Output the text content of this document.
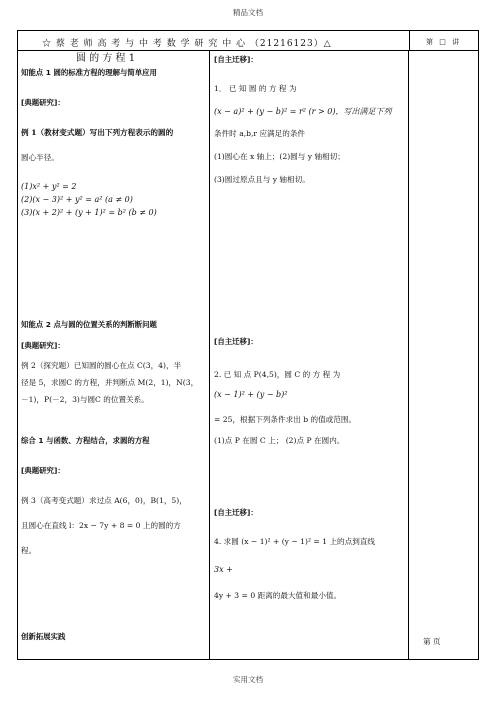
精品文档
☆ 蔡 老 师 高 考 与 中 考 数 学 研 究 中 心 （21216123）△	第 □ 讲
圆 的 方 程 1
知能点 1 圆的标准方程的理解与简单应用
[典题研究]：
例 1（教材变式题）写出下列方程表示的圆的
圆心半径。
(1)x² + y² = 2
(2)(x − 3)² + y² = a² (a ≠ 0)
(3)(x + 2)² + (y + 1)² = b² (b ≠ 0)
知能点 2 点与圆的位置关系的判断断问题
[典题研究]：
例 2（探究题）已知圆的圆心在点 C(3，4)，半
径是 5，求圆C 的方程，并判断点 M(2，1)，N(3，
－1)，P(－2，3)与圆C 的位置关系。
综合 1 与函数、方程结合，求圆的方程
[典题研究]：
例 3（高考变式题）求过点 A(6，0)，B(1，5)，
且圆心在直线 l：2x − 7y + 8 = 0 上的圆的方
程。
创新拓展实践
[自主迁移]：
1． 已 知 圆 的 方 程 为
(x − a)² + (y − b)² = r² (r > 0)，写出满足下列
条件时 a,b,r 应满足的条件
(1)圆心在 x 轴上；(2)圆与 y 轴相切；
(3)圆过原点且与 y 轴相切。
[自主迁移]：
2. 已 知 点 P(4,5)，圆 C 的 方 程 为
(x − 1)² + (y − b)²
= 25，根据下列条件求出 b 的值或范围。
(1)点 P 在圆 C 上； (2)点 P 在圆内。
[自主迁移]：
4. 求圆 (x − 1)² + (y − 1)² = 1 上的点到直线
3x +
4y + 3 = 0 距离的最大值和最小值。
第 页
实用文档
